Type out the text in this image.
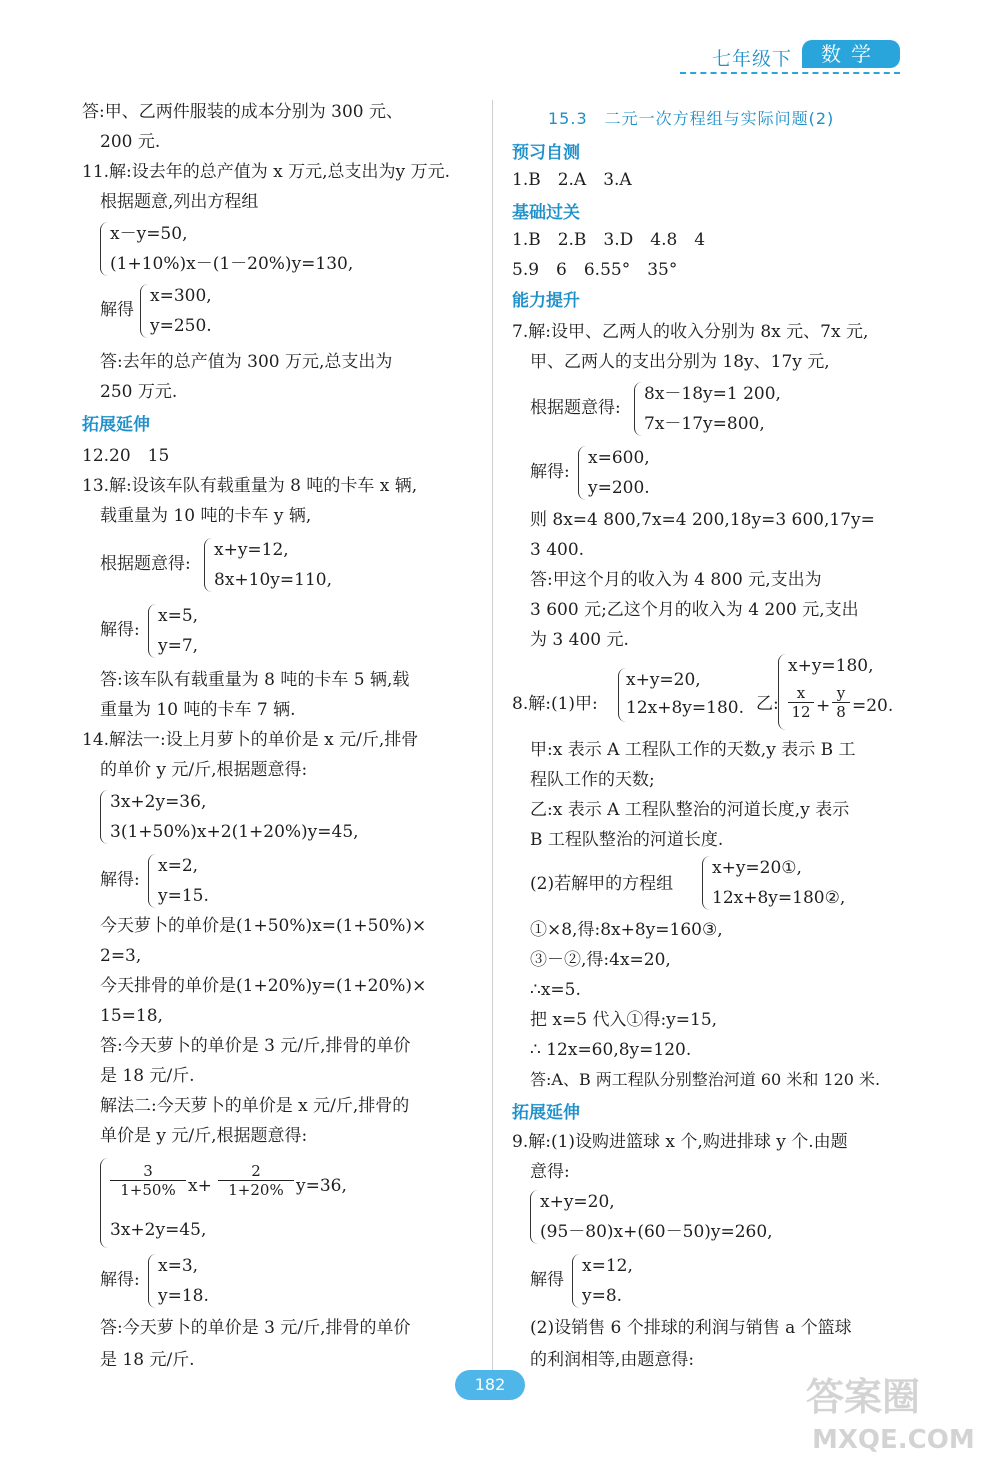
七年级下	数学
答:甲、乙两件服装的成本分别为 300 元、
200 元.
11.解:设去年的总产值为 x 万元,总支出为y 万元.
根据题意,列出方程组
x－y=50,
(1+10%)x－(1－20%)y=130,
解得
x=300,
y=250.
答:去年的总产值为 300 万元,总支出为
250 万元.
拓展延伸
12.20　15
13.解:设该车队有载重量为 8 吨的卡车 x 辆,
载重量为 10 吨的卡车 y 辆,
根据题意得:
x+y=12,
8x+10y=110,
解得:
x=5,
y=7,
答:该车队有载重量为 8 吨的卡车 5 辆,载
重量为 10 吨的卡车 7 辆.
14.解法一:设上月萝卜的单价是 x 元/斤,排骨
的单价 y 元/斤,根据题意得:
3x+2y=36,
3(1+50%)x+2(1+20%)y=45,
解得:
x=2,
y=15.
今天萝卜的单价是(1+50%)x=(1+50%)×
2=3,
今天排骨的单价是(1+20%)y=(1+20%)×
15=18,
答:今天萝卜的单价是 3 元/斤,排骨的单价
是 18 元/斤.
解法二:今天萝卜的单价是 x 元/斤,排骨的
单价是 y 元/斤,根据题意得:
$\frac{3}{1+50\%} x+ \frac{2}{1+20\%} y=36$,
3x+2y=45,
解得:
x=3,
y=18.
答:今天萝卜的单价是 3 元/斤,排骨的单价
是 18 元/斤.
15.3　二元一次方程组与实际问题(2)
预习自测
1.B　2.A　3.A
基础过关
1.B　2.B　3.D　4.8　4
5.9　6　6.55°　35°
能力提升
7.解:设甲、乙两人的收入分别为 8x 元、7x 元,
甲、乙两人的支出分别为 18y、17y 元,
根据题意得:
8x－18y=1 200,
7x－17y=800,
解得:
x=600,
y=200.
则 8x=4 800,7x=4 200,18y=3 600,17y=
3 400.
答:甲这个月的收入为 4 800 元,支出为
3 600 元;乙这个月的收入为 4 200 元,支出
为 3 400 元.
8.解:(1)甲:
x+y=20,
12x+8y=180. 乙:
x+y=180,
$\frac{x}{12} + \frac{y}{8} =20$.
甲:x 表示 A 工程队工作的天数,y 表示 B 工
程队工作的天数;
乙:x 表示 A 工程队整治的河道长度,y 表示
B 工程队整治的河道长度.
(2)若解甲的方程组
x+y=20①,
12x+8y=180②,
①×8,得:8x+8y=160③,
③－②,得:4x=20,
∴x=5.
把 x=5 代入①得:y=15,
∴ 12x=60,8y=120.
答:A、B 两工程队分别整治河道 60 米和 120 米.
拓展延伸
9.解:(1)设购进篮球 x 个,购进排球 y 个.由题
意得:
x+y=20,
(95－80)x+(60－50)y=260,
解得
x=12,
y=8.
(2)设销售 6 个排球的利润与销售 a 个篮球
的利润相等,由题意得:
182	答案圈
MXQE.COM
